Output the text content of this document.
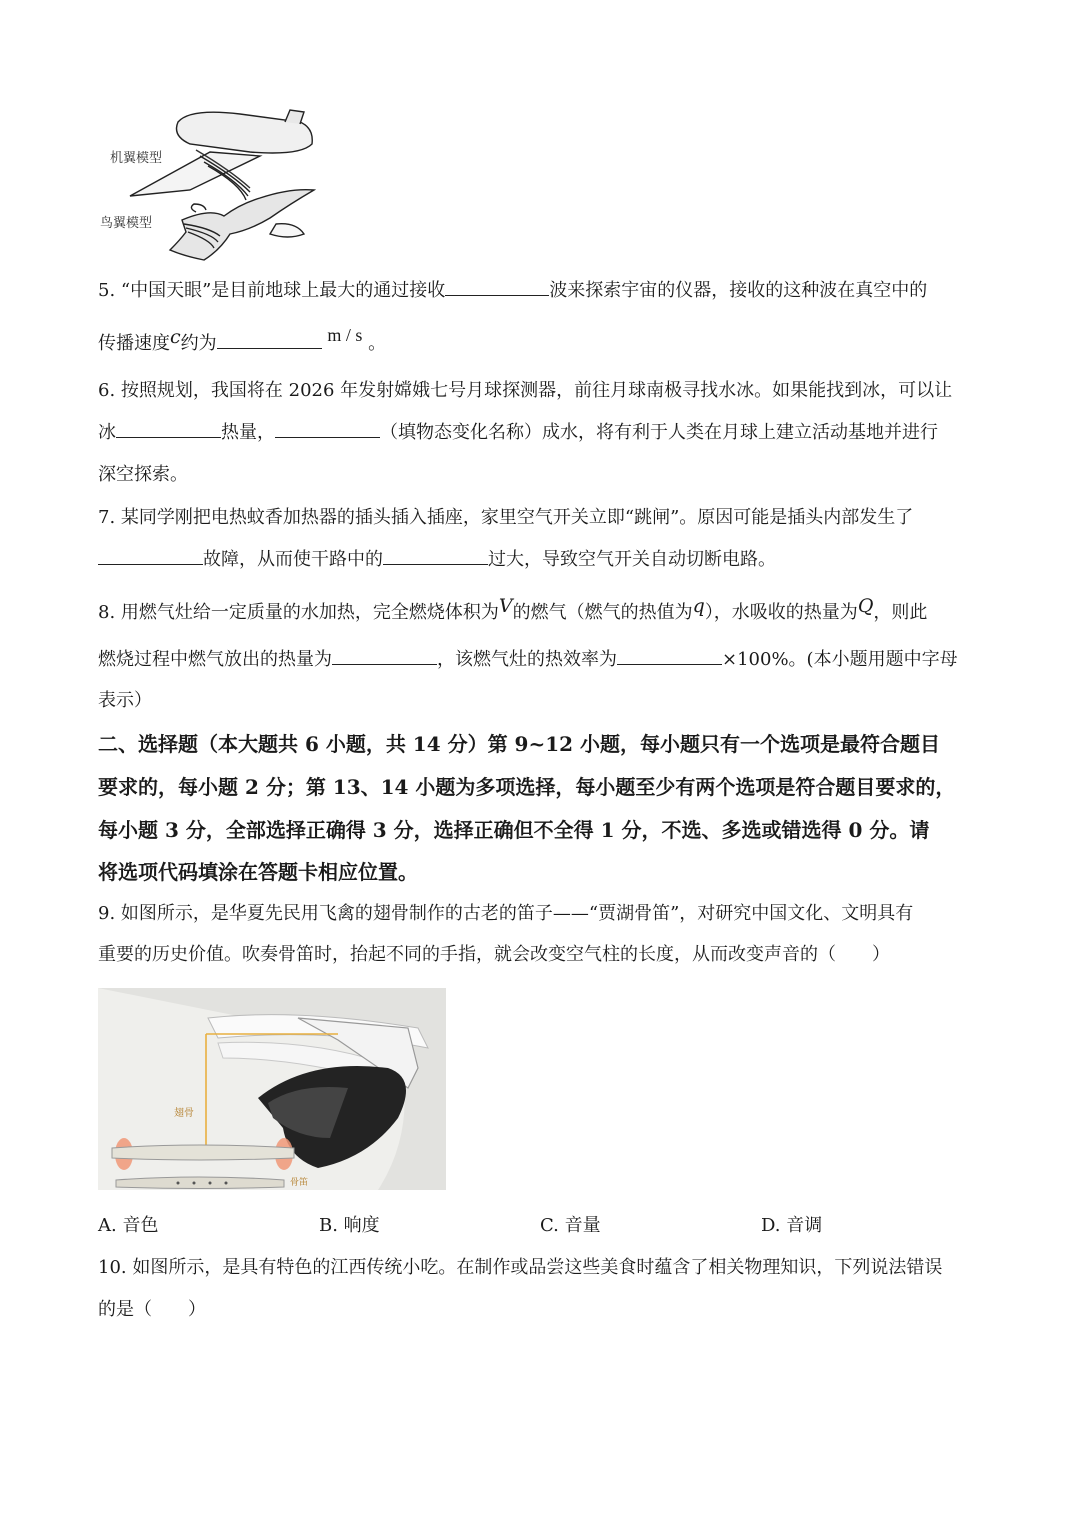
机翼模型
鸟翼模型
5. “中国天眼”是目前地球上最大的通过接收	波来探索宇宙的仪器，接收的这种波在真空中的
传播速度c约为	m / s 。
6. 按照规划，我国将在 2026 年发射嫦娥七号月球探测器，前往月球南极寻找水冰。如果能找到冰，可以让
冰	热量，	（填物态变化名称）成水，将有利于人类在月球上建立活动基地并进行
深空探索。
7. 某同学刚把电热蚊香加热器的插头插入插座，家里空气开关立即“跳闸”。原因可能是插头内部发生了
故障，从而使干路中的	过大，导致空气开关自动切断电路。
8. 用燃气灶给一定质量的水加热，完全燃烧体积为V的燃气（燃气的热值为q），水吸收的热量为Q，则此
燃烧过程中燃气放出的热量为	，该燃气灶的热效率为	×100%。(本小题用题中字母
表示）
二、选择题（本大题共 6 小题，共 14 分）第 9~12 小题，每小题只有一个选项是最符合题目
要求的，每小题 2 分；第 13、14 小题为多项选择，每小题至少有两个选项是符合题目要求的，
每小题 3 分，全部选择正确得 3 分，选择正确但不全得 1 分，不选、多选或错选得 0 分。请
将选项代码填涂在答题卡相应位置。
9. 如图所示，是华夏先民用飞禽的翅骨制作的古老的笛子——“贾湖骨笛”，对研究中国文化、文明具有
重要的历史价值。吹奏骨笛时，抬起不同的手指，就会改变空气柱的长度，从而改变声音的（　　）
翅骨
骨笛
A. 音色	B. 响度	C. 音量	D. 音调
10. 如图所示，是具有特色的江西传统小吃。在制作或品尝这些美食时蕴含了相关物理知识，下列说法错误
的是（　　）
